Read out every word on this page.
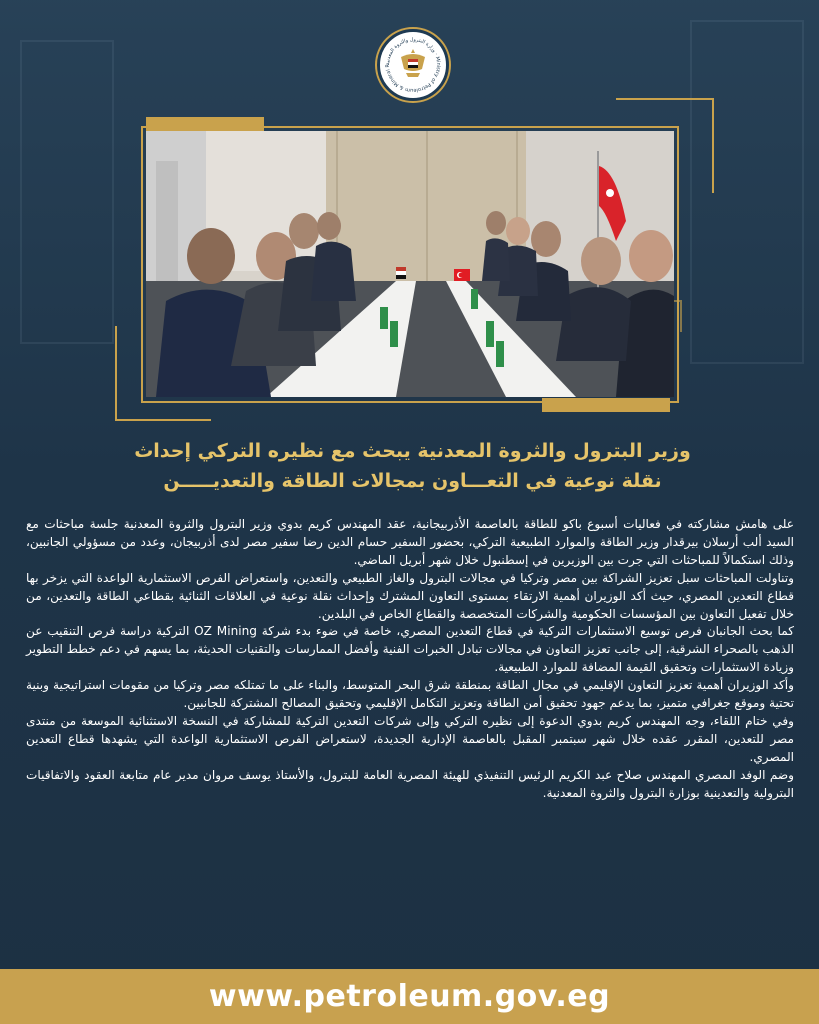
وزارة البترول والثروة المعدنية · Ministry of Petroleum & Mineral R
وزير البترول والثروة المعدنية يبحث مع نظيره التركي إحداث
نقلة نوعية في التعـــاون بمجالات الطاقة والتعديـــــن

على هامش مشاركته في فعاليات أسبوع باكو للطاقة بالعاصمة الأذربيجانية، عقد المهندس كريم بدوي وزير البترول والثروة المعدنية جلسة مباحثات مع السيد ألب أرسلان بيرقدار وزير الطاقة والموارد الطبيعية التركي، بحضور السفير حسام الدين رضا سفير مصر لدى أذربيجان، وعدد من مسؤولي الجانبين، وذلك استكمالاً للمباحثات التي جرت بين الوزيرين في إسطنبول خلال شهر أبريل الماضي.

وتناولت المباحثات سبل تعزيز الشراكة بين مصر وتركيا في مجالات البترول والغاز الطبيعي والتعدين، واستعراض الفرص الاستثمارية الواعدة التي يزخر بها قطاع التعدين المصري، حيث أكد الوزيران أهمية الارتقاء بمستوى التعاون المشترك وإحداث نقلة نوعية في العلاقات الثنائية بقطاعي الطاقة والتعدين، من خلال تفعيل التعاون بين المؤسسات الحكومية والشركات المتخصصة والقطاع الخاص في البلدين.

كما بحث الجانبان فرص توسيع الاستثمارات التركية في قطاع التعدين المصري، خاصة في ضوء بدء شركة OZ Mining التركية دراسة فرص التنقيب عن الذهب بالصحراء الشرقية، إلى جانب تعزيز التعاون في مجالات تبادل الخبرات الفنية وأفضل الممارسات والتقنيات الحديثة، بما يسهم في دعم خطط التطوير وزيادة الاستثمارات وتحقيق القيمة المضافة للموارد الطبيعية.

وأكد الوزيران أهمية تعزيز التعاون الإقليمي في مجال الطاقة بمنطقة شرق البحر المتوسط، والبناء على ما تمتلكه مصر وتركيا من مقومات استراتيجية وبنية تحتية وموقع جغرافي متميز، بما يدعم جهود تحقيق أمن الطاقة وتعزيز التكامل الإقليمي وتحقيق المصالح المشتركة للجانبين.

وفي ختام اللقاء، وجه المهندس كريم بدوي الدعوة إلى نظيره التركي وإلى شركات التعدين التركية للمشاركة في النسخة الاستثنائية الموسعة من منتدى مصر للتعدين، المقرر عقده خلال شهر سبتمبر المقبل بالعاصمة الإدارية الجديدة، لاستعراض الفرص الاستثمارية الواعدة التي يشهدها قطاع التعدين المصري.

وضم الوفد المصري المهندس صلاح عبد الكريم الرئيس التنفيذي للهيئة المصرية العامة للبترول، والأستاذ يوسف مروان مدير عام متابعة العقود والاتفاقيات البترولية والتعدينية بوزارة البترول والثروة المعدنية.

www.petroleum.gov.eg
